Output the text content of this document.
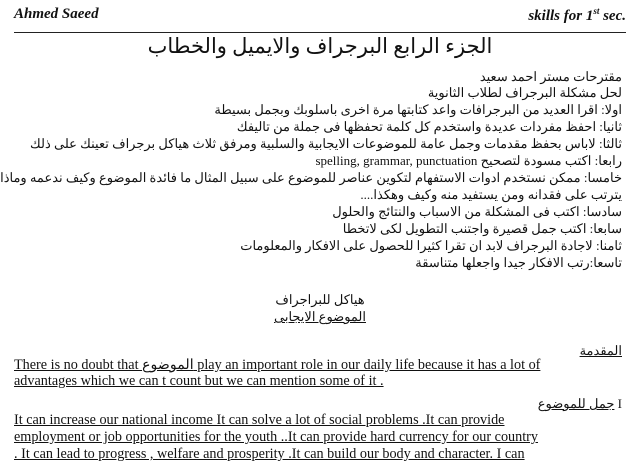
Ahmed Saeed	skills for 1st sec.
الجزء الرابع البرجراف والايميل والخطاب
مقترحات مستر احمد سعيد
لحل مشكلة البرجراف لطلاب الثانوية
اولا: اقرا العديد من البرجرافات واعد كتابتها مرة اخرى باسلوبك وبجمل بسيطة
ثانيا: احفظ مفردات عديدة واستخدم كل كلمة تحفظها فى جملة من تاليفك
ثالثا: لاباس بحفظ مقدمات وجمل عامة للموضوعات الايجابية والسلبية ومرفق ثلاث هياكل برجراف تعينك على ذلك
رابعا: اكتب مسودة لتصحيح spelling, grammar, punctuation
خامسا: ممكن نستخدم ادوات الاستفهام لتكوين عناصر للموضوع على سبيل المثال ما فائدة الموضوع وكيف ندعمه وماذا
يترتب على فقدانه ومن يستفيد منه وكيف وهكذا....
سادسا: اكتب فى المشكلة من الاسباب والنتائج والحلول
سابعا: اكتب جمل قصيرة واجتنب التطويل لكى لاتخطا
ثامنا: لاجادة البرجراف لابد ان تقرا كثيرا للحصول على الافكار والمعلومات
تاسعا:رتب الافكار جيدا واجعلها متناسقة
هياكل للبراجراف
الموضوع الايجابى
المقدمة
There is no doubt that الموضوع play an important role in our daily life because it has a lot of
advantages which we can t count but we can mention some of it .
I جمل للموضوع
It can increase our national income It can solve a lot of social problems .It can provide
employment or job opportunities for the youth ..It can provide hard currency for our country
. It can lead to progress , welfare and prosperity .It can build our body and character. I can
